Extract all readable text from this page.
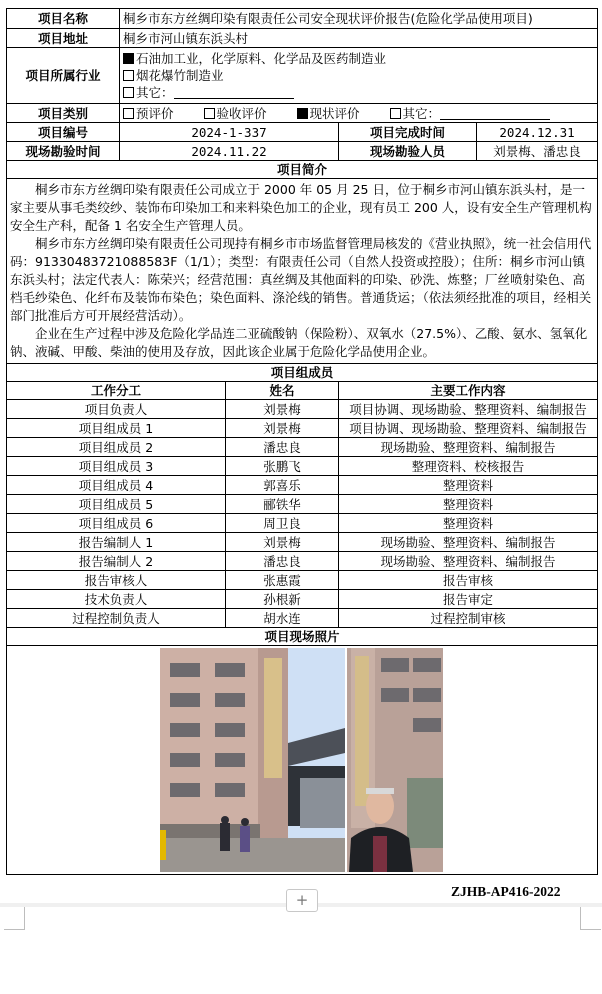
项目名称	桐乡市东方丝绸印染有限责任公司安全现状评价报告(危险化学品使用项目)			
项目地址	桐乡市河山镇东浜头村			
项目所属行业	石油加工业，化学原料、化学品及医药制造业
烟花爆竹制造业
其它：			

项目类别	预评价 验收评价 现状评价 其它：			
项目编号	2024-1-337		项目完成时间	2024.12.31
现场勘验时间	2024.11.22		现场勘验人员	刘景梅、潘忠良
项目简介				

桐乡市东方丝绸印染有限责任公司成立于 2000 年 05 月 25 日，位于桐乡市河山镇东浜头村，是一家主要从事毛类绞纱、装饰布印染加工和来料染色加工的企业，现有员工 200 人，设有安全生产管理机构安全生产科，配备 1 名安全生产管理人员。

桐乡市东方丝绸印染有限责任公司现持有桐乡市市场监督管理局核发的《营业执照》，统一社会信用代码：91330483721088583F（1/1）；类型：有限责任公司（自然人投资或控股）；住所：桐乡市河山镇东浜头村；法定代表人：陈荣兴；经营范围：真丝绸及其他面料的印染、砂洗、炼整；厂丝喷射染色、高档毛纱染色、化纤布及装饰布染色；染色面料、涤沦线的销售。普通货运；（依法须经批准的项目，经相关部门批准后方可开展经营活动）。

企业在生产过程中涉及危险化学品连二亚硫酸钠（保险粉）、双氧水（27.5%）、乙酸、氨水、氢氧化钠、液碱、甲酸、柴油的使用及存放，因此该企业属于危险化学品使用企业。				

项目组成员				
工作分工		姓名	主要工作内容	
项目负责人		刘景梅	项目协调、现场勘验、整理资料、编制报告	
项目组成员 1		刘景梅	项目协调、现场勘验、整理资料、编制报告	
项目组成员 2		潘忠良	现场勘验、整理资料、编制报告	
项目组成员 3		张鹏飞	整理资料、校核报告	
项目组成员 4		郭喜乐	整理资料	
项目组成员 5		郦铁华	整理资料	
项目组成员 6		周卫良	整理资料	
报告编制人 1		刘景梅	现场勘验、整理资料、编制报告	
报告编制人 2		潘忠良	现场勘验、整理资料、编制报告	
报告审核人		张惠霞	报告审核	
技术负责人		孙根新	报告审定	
过程控制负责人		胡水连	过程控制审核	
项目现场照片				

ZJHB-AP416-2022
+
